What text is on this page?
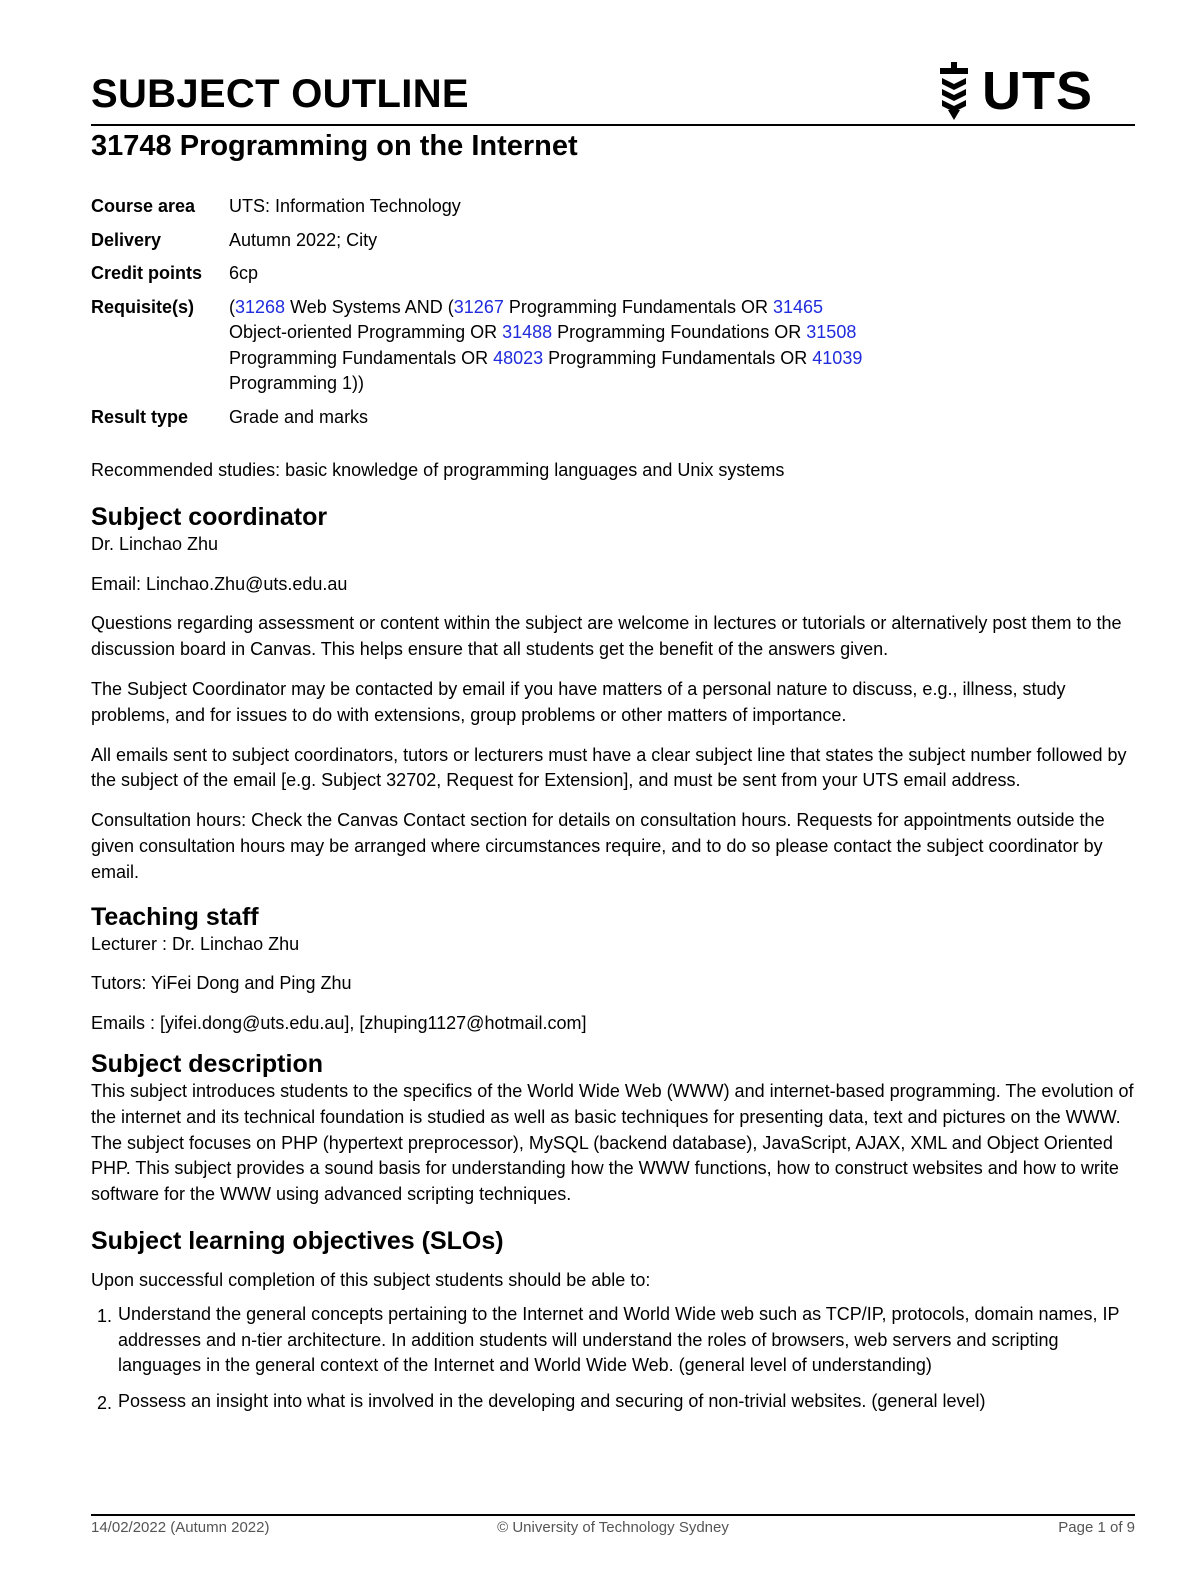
SUBJECT OUTLINE	UTS
31748 Programming on the Internet
Course area	UTS: Information Technology
Delivery	Autumn 2022; City
Credit points	6cp
Requisite(s)	(31268 Web Systems AND (31267 Programming Fundamentals OR 31465
Object-oriented Programming OR 31488 Programming Foundations OR 31508
Programming Fundamentals OR 48023 Programming Fundamentals OR 41039
Programming 1))
Result type	Grade and marks

Recommended studies: basic knowledge of programming languages and Unix systems

Subject coordinator

Dr. Linchao Zhu

Email: Linchao.Zhu@uts.edu.au

Questions regarding assessment or content within the subject are welcome in lectures or tutorials or alternatively post them to the discussion board in Canvas. This helps ensure that all students get the benefit of the answers given.

The Subject Coordinator may be contacted by email if you have matters of a personal nature to discuss, e.g., illness, study problems, and for issues to do with extensions, group problems or other matters of importance.

All emails sent to subject coordinators, tutors or lecturers must have a clear subject line that states the subject number followed by the subject of the email [e.g. Subject 32702, Request for Extension], and must be sent from your UTS email address.

Consultation hours: Check the Canvas Contact section for details on consultation hours. Requests for appointments outside the given consultation hours may be arranged where circumstances require, and to do so please contact the subject coordinator by email.

Teaching staff

Lecturer : Dr. Linchao Zhu

Tutors: YiFei Dong and Ping Zhu

Emails : [yifei.dong@uts.edu.au], [zhuping1127@hotmail.com]

Subject description

This subject introduces students to the specifics of the World Wide Web (WWW) and internet-based programming. The evolution of the internet and its technical foundation is studied as well as basic techniques for presenting data, text and pictures on the WWW. The subject focuses on PHP (hypertext preprocessor), MySQL (backend database), JavaScript, AJAX, XML and Object Oriented PHP. This subject provides a sound basis for understanding how the WWW functions, how to construct websites and how to write software for the WWW using advanced scripting techniques.

Subject learning objectives (SLOs)

Upon successful completion of this subject students should be able to:

1. Understand the general concepts pertaining to the Internet and World Wide web such as TCP/IP, protocols, domain names, IP addresses and n-tier architecture. In addition students will understand the roles of browsers, web servers and scripting languages in the general context of the Internet and World Wide Web. (general level of understanding)
2. Possess an insight into what is involved in the developing and securing of non-trivial websites. (general level)
14/02/2022 (Autumn 2022)	© University of Technology Sydney	Page 1 of 9
